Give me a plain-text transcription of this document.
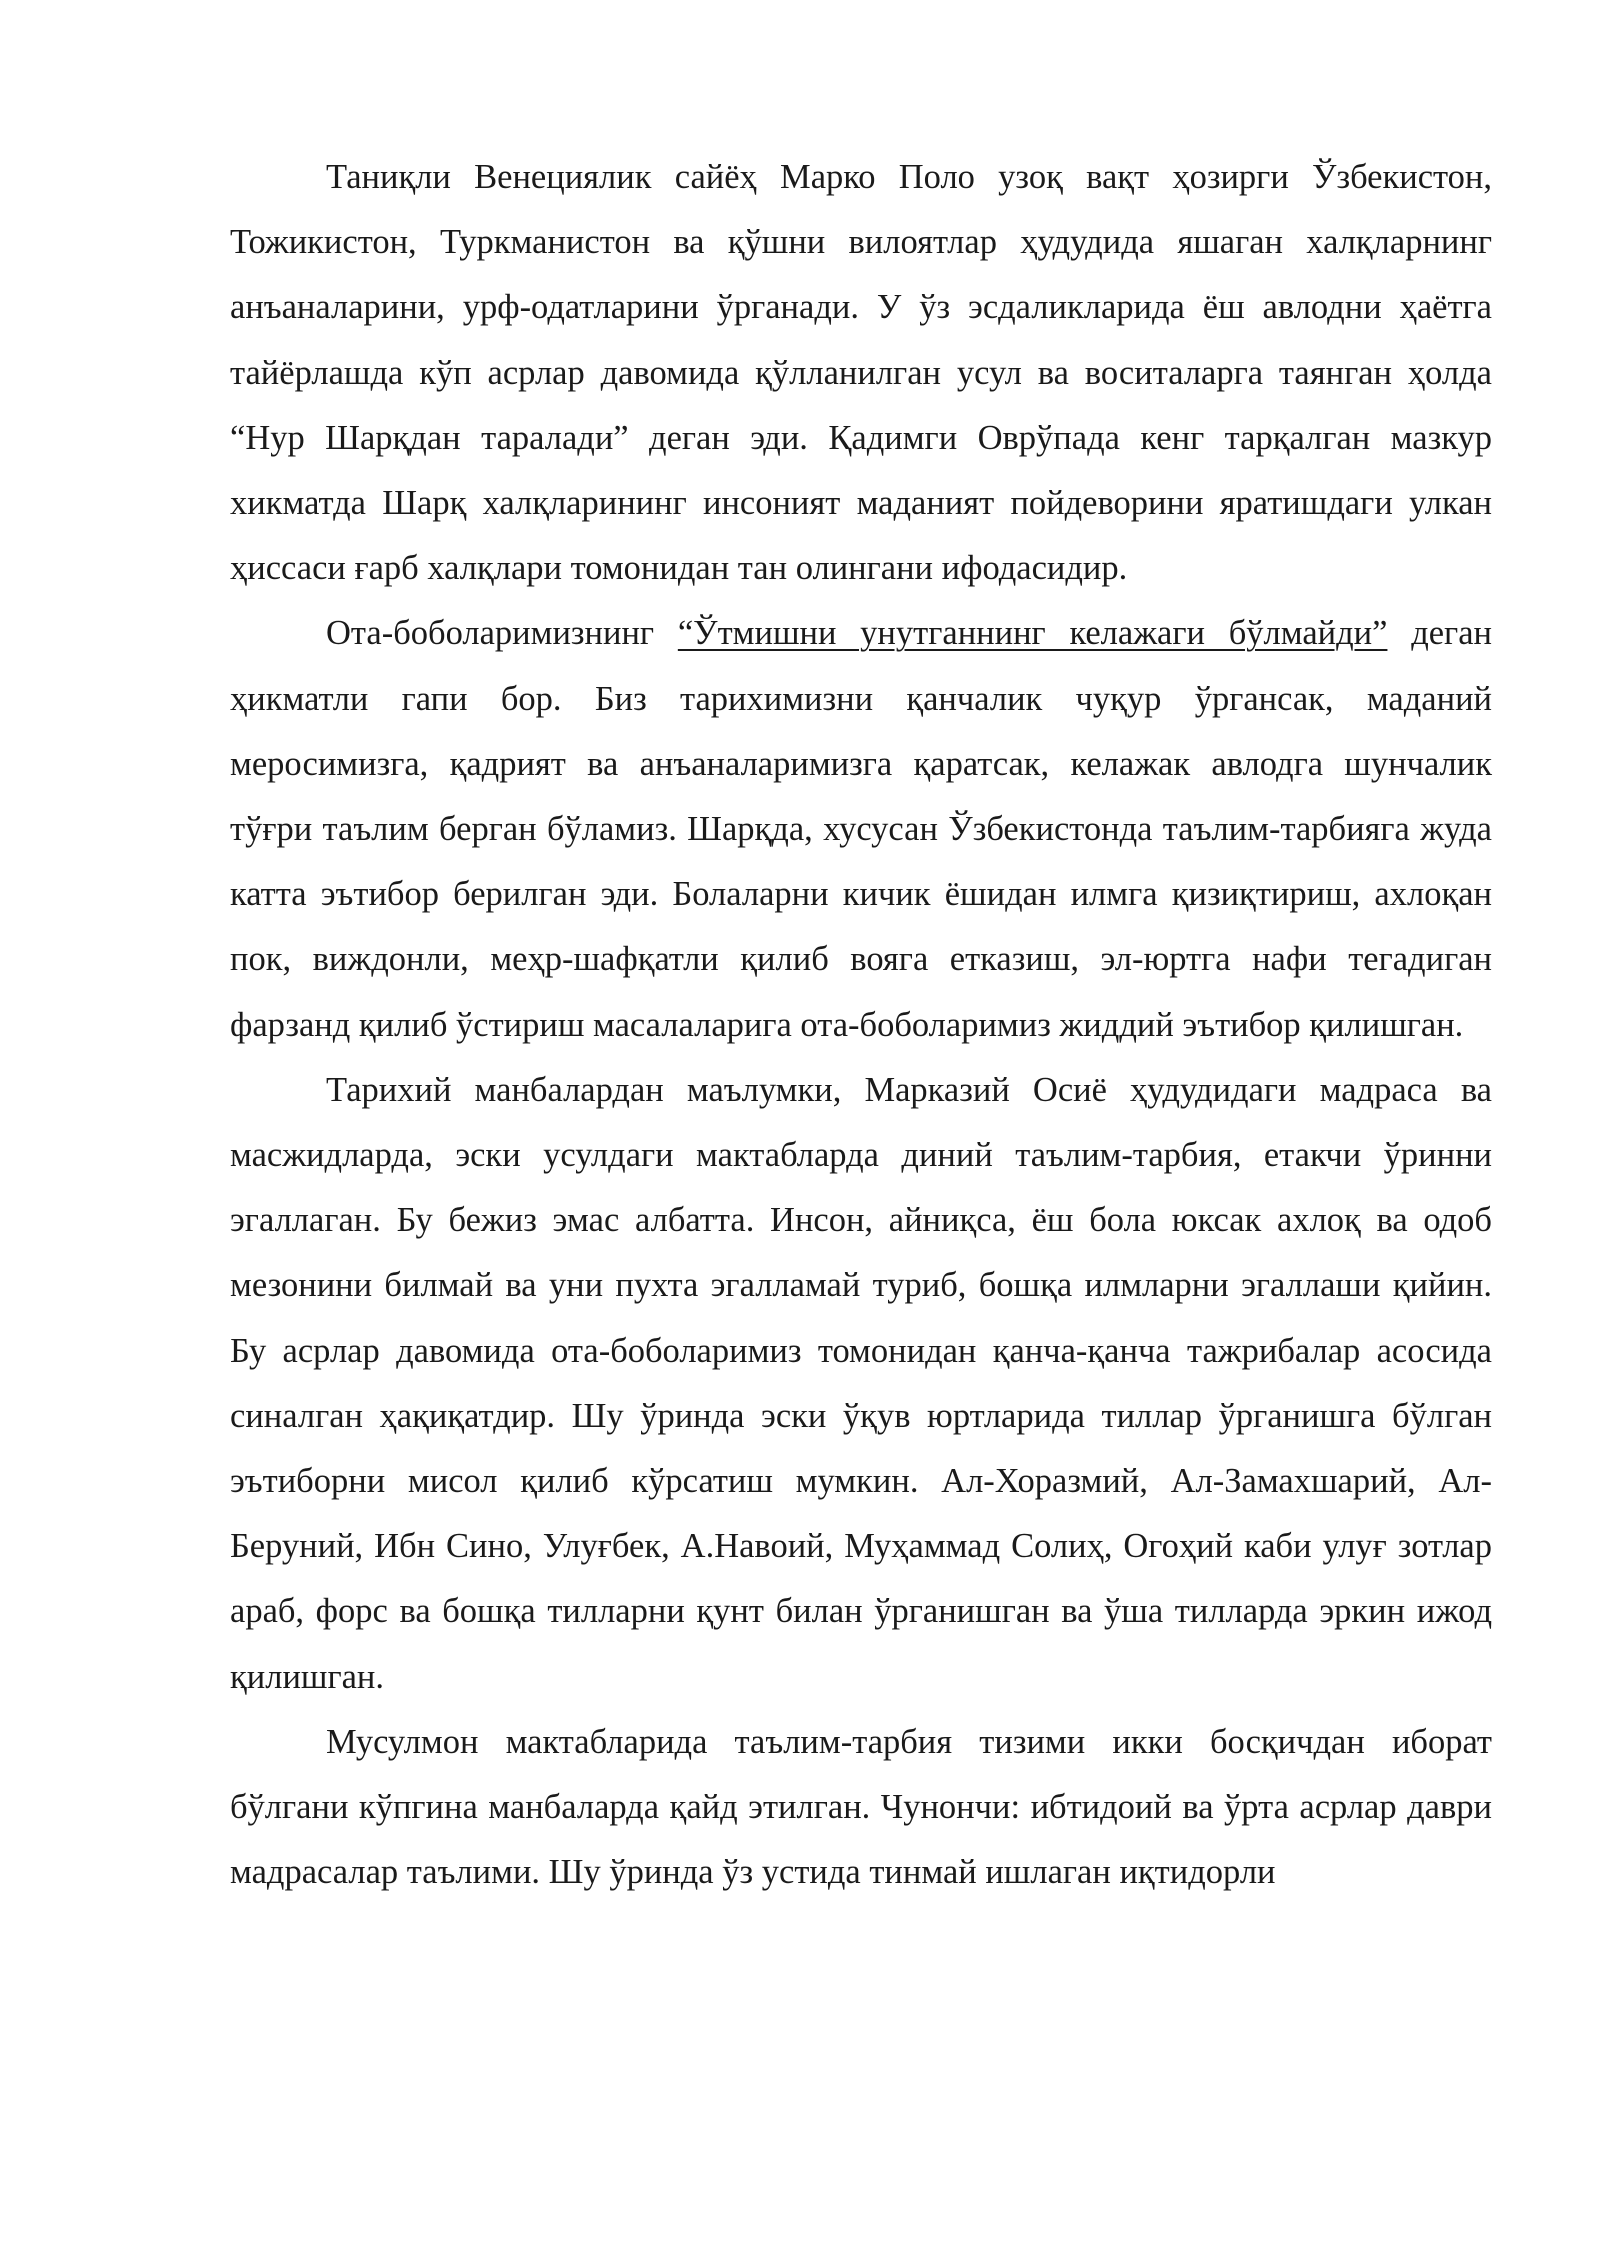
Таниқли Венециялик сайёҳ Марко Поло узоқ вақт ҳозирги Ўзбекистон, Тожикистон, Туркманистон ва қўшни вилоятлар ҳудудида яшаган халқларнинг анъаналарини, урф-одатларини ўрганади. У ўз эсдаликларида ёш авлодни ҳаётга тайёрлашда кўп асрлар давомида қўлланилган усул ва воситаларга таянган ҳолда “Нур Шарқдан таралади” деган эди. Қадимги Оврўпада кенг тарқалган мазкур хикматда Шарқ халқларининг инсоният маданият пойдеворини яратишдаги улкан ҳиссаси ғарб халқлари томонидан тан олингани ифодасидир.

Ота-боболаримизнинг “Ўтмишни унутганнинг келажаги бўлмайди” деган ҳикматли гапи бор. Биз тарихимизни қанчалик чуқур ўргансак, маданий меросимизга, қадрият ва анъаналаримизга қаратсак, келажак авлодга шунчалик тўғри таълим берган бўламиз. Шарқда, хусусан Ўзбекистонда таълим-тарбияга жуда катта эътибор берилган эди. Болаларни кичик ёшидан илмга қизиқтириш, ахлоқан пок, виждонли, меҳр-шафқатли қилиб вояга етказиш, эл-юртга нафи тегадиган фарзанд қилиб ўстириш масалаларига ота-боболаримиз жиддий эътибор қилишган.

Тарихий манбалардан маълумки, Марказий Осиё ҳудудидаги мадраса ва масжидларда, эски усулдаги мактабларда диний таълим-тарбия, етакчи ўринни эгаллаган. Бу бежиз эмас албатта. Инсон, айниқса, ёш бола юксак ахлоқ ва одоб мезонини билмай ва уни пухта эгалламай туриб, бошқа илмларни эгаллаши қийин. Бу асрлар давомида ота-боболаримиз томонидан қанча-қанча тажрибалар асосида синалган ҳақиқатдир. Шу ўринда эски ўқув юртларида тиллар ўрганишга бўлган эътиборни мисол қилиб кўрсатиш мумкин. Ал-Хоразмий, Ал-Замахшарий, Ал-Беруний, Ибн Сино, Улуғбек, А.Навоий, Муҳаммад Солиҳ, Огоҳий каби улуғ зотлар араб, форс ва бошқа тилларни қунт билан ўрганишган ва ўша тилларда эркин ижод қилишган.

Мусулмон мактабларида таълим-тарбия тизими икки босқичдан иборат бўлгани кўпгина манбаларда қайд этилган. Чунончи: ибтидоий ва ўрта асрлар даври мадрасалар таълими. Шу ўринда ўз устида тинмай ишлаган иқтидорли
